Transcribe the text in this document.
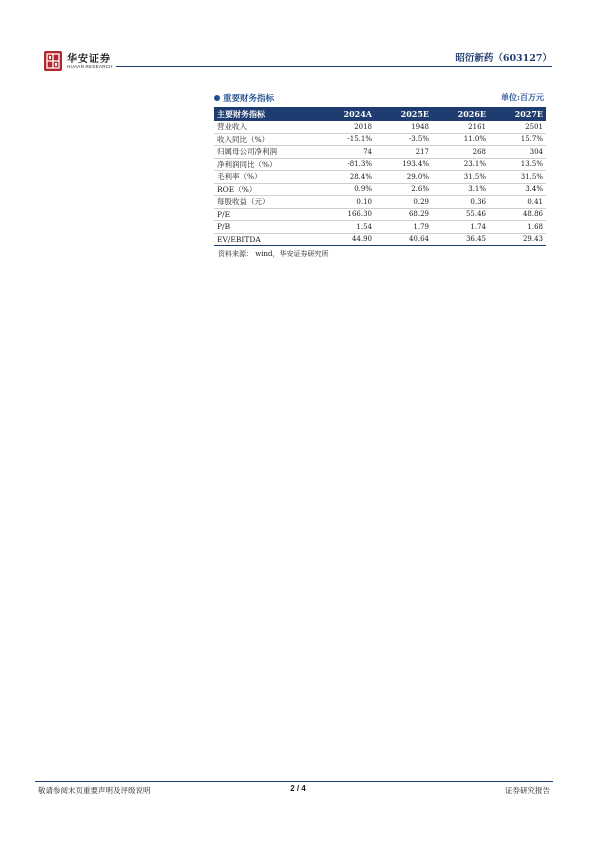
华安证券
HUAAN RESEARCH
昭衍新药（603127）
重要财务指标	单位:百万元
主要财务指标	2024A	2025E	2026E	2027E
营业收入	2018	1948	2161	2501
收入同比（%）	-15.1%	-3.5%	11.0%	15.7%
归属母公司净利润	74	217	268	304
净利润同比（%）	-81.3%	193.4%	23.1%	13.5%
毛利率（%）	28.4%	29.0%	31.5%	31.5%
ROE（%）	0.9%	2.6%	3.1%	3.4%
每股收益（元）	0.10	0.29	0.36	0.41
P/E	166.30	68.29	55.46	48.86
P/B	1.54	1.79	1.74	1.68
EV/EBITDA	44.90	40.64	36.45	29.43
资料来源： wind，华安证券研究所
敬请参阅末页重要声明及评级说明	2 / 4	证券研究报告
